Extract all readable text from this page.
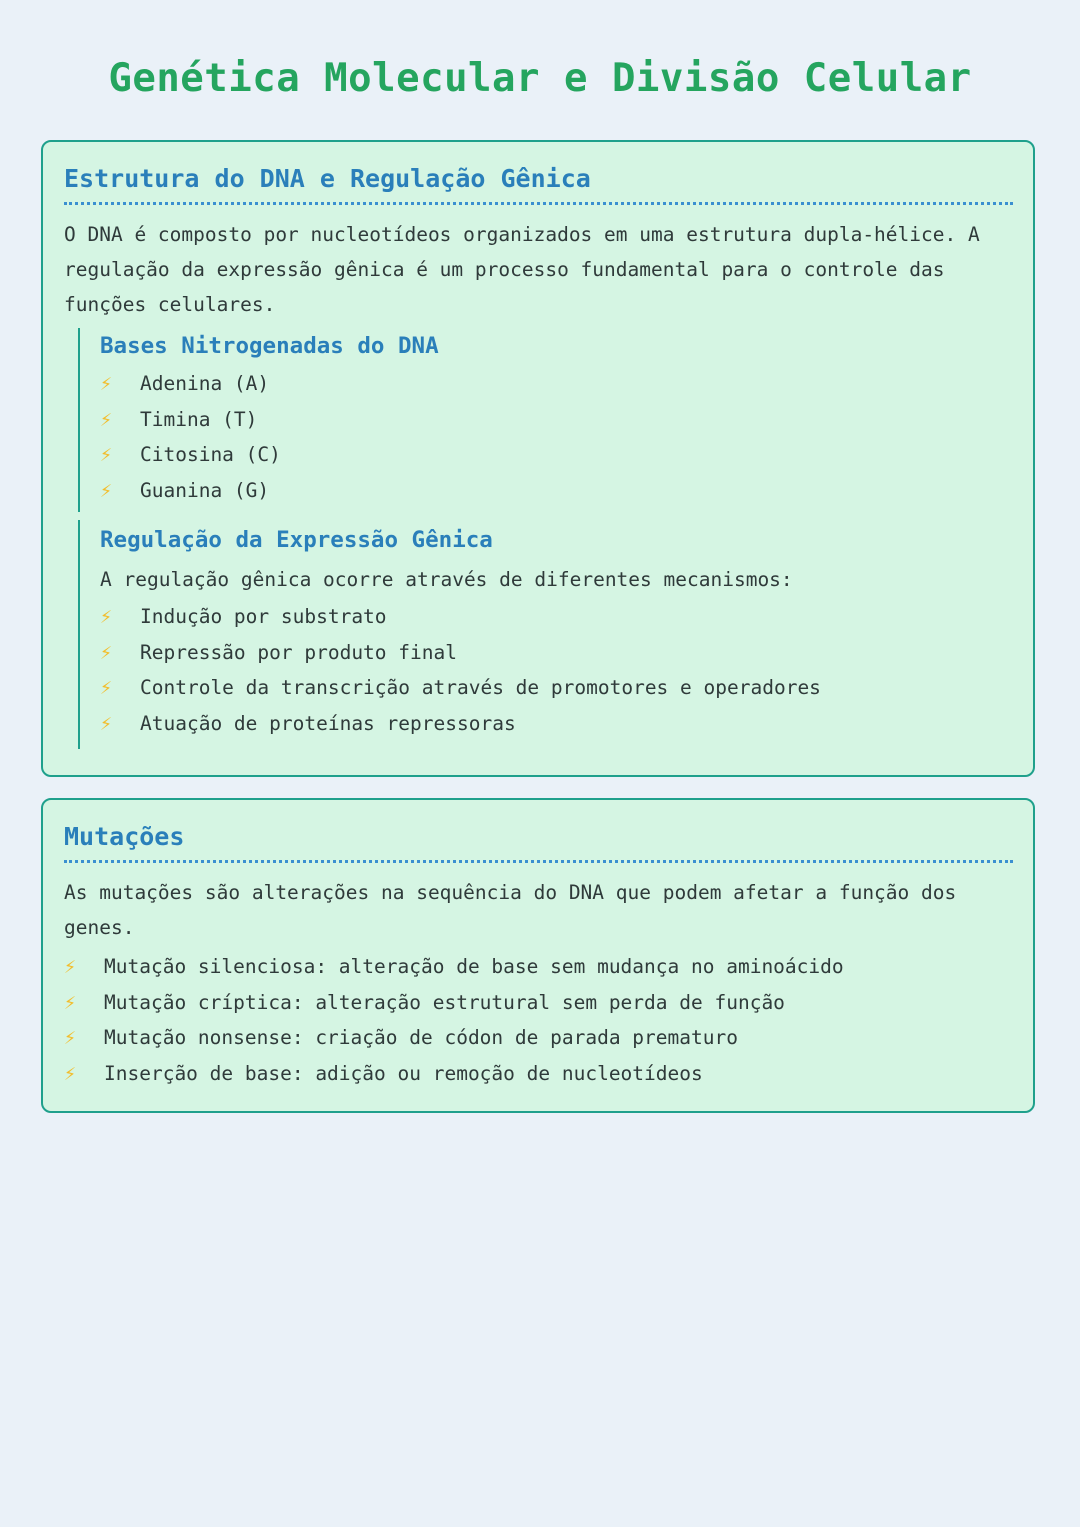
Genética Molecular e Divisão Celular
Estrutura do DNA e Regulação Gênica

O DNA é composto por nucleotídeos organizados em uma estrutura dupla-hélice. A regulação da expressão gênica é um processo fundamental para o controle das funções celulares.

Bases Nitrogenadas do DNA
⚡	Adenina (A)
⚡	Timina (T)
⚡	Citosina (C)
⚡	Guanina (G)
Regulação da Expressão Gênica

A regulação gênica ocorre através de diferentes mecanismos:

⚡	Indução por substrato
⚡	Repressão por produto final
⚡	Controle da transcrição através de promotores e operadores
⚡	Atuação de proteínas repressoras
Mutações

As mutações são alterações na sequência do DNA que podem afetar a função dos genes.

⚡	Mutação silenciosa: alteração de base sem mudança no aminoácido
⚡	Mutação críptica: alteração estrutural sem perda de função
⚡	Mutação nonsense: criação de códon de parada prematuro
⚡	Inserção de base: adição ou remoção de nucleotídeos
